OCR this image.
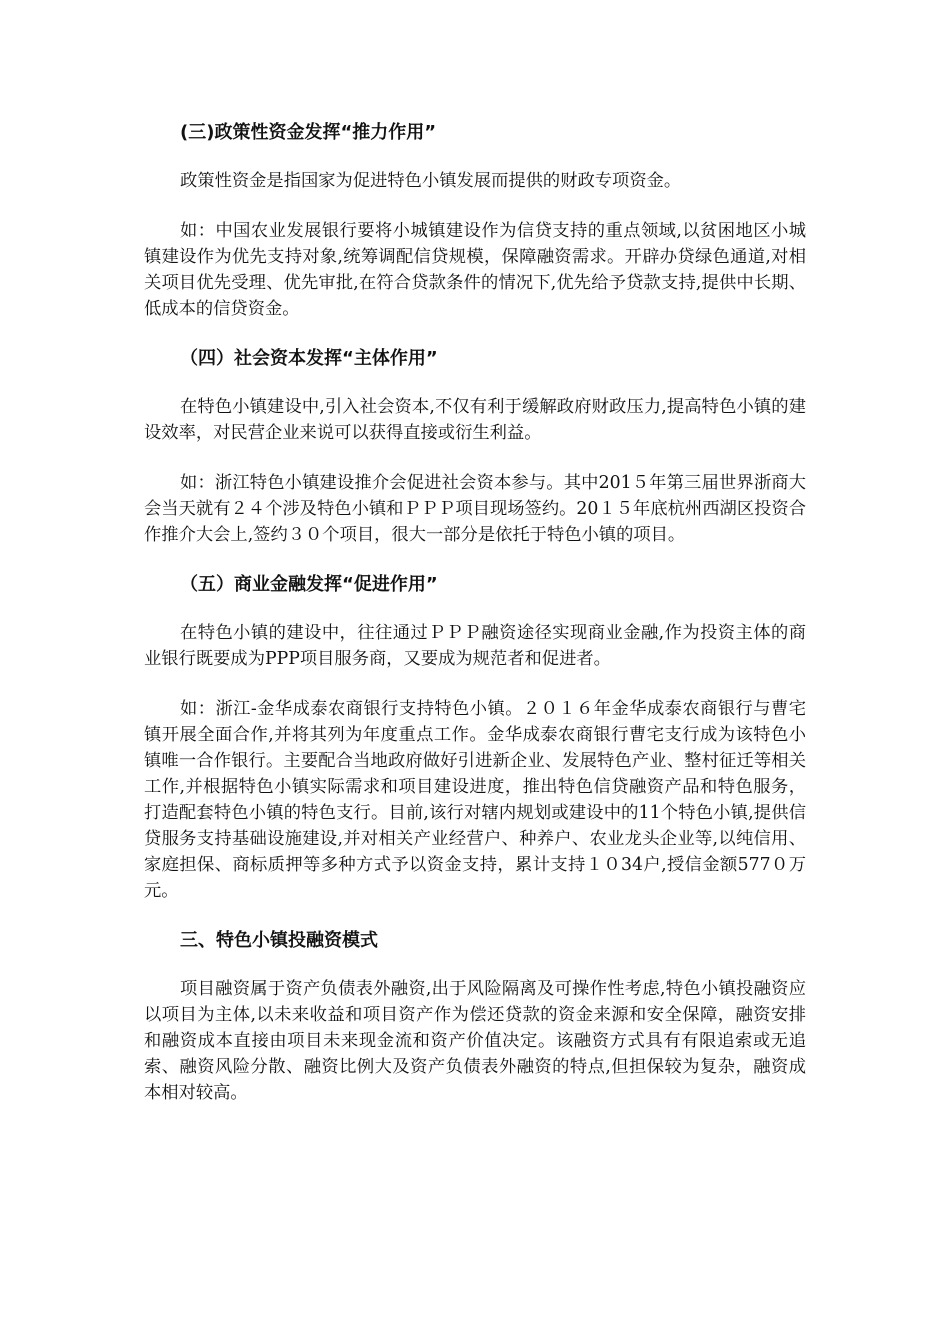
(三)政策性资金发挥“推力作用”

政策性资金是指国家为促进特色小镇发展而提供的财政专项资金。

如：中国农业发展银行要将小城镇建设作为信贷支持的重点领域,以贫困地区小城镇建设作为优先支持对象,统筹调配信贷规模，保障融资需求。开辟办贷绿色通道,对相关项目优先受理、优先审批,在符合贷款条件的情况下,优先给予贷款支持,提供中长期、低成本的信贷资金。

（四）社会资本发挥“主体作用”

在特色小镇建设中,引入社会资本,不仅有利于缓解政府财政压力,提高特色小镇的建设效率，对民营企业来说可以获得直接或衍生利益。

如：浙江特色小镇建设推介会促进社会资本参与。其中201５年第三届世界浙商大会当天就有２４个涉及特色小镇和ＰＰＰ项目现场签约。20１５年底杭州西湖区投资合作推介大会上,签约３０个项目，很大一部分是依托于特色小镇的项目。

（五）商业金融发挥“促进作用”

在特色小镇的建设中，往往通过ＰＰＰ融资途径实现商业金融,作为投资主体的商业银行既要成为PPP项目服务商，又要成为规范者和促进者。

如：浙江-金华成泰农商银行支持特色小镇。２０１６年金华成泰农商银行与曹宅镇开展全面合作,并将其列为年度重点工作。金华成泰农商银行曹宅支行成为该特色小镇唯一合作银行。主要配合当地政府做好引进新企业、发展特色产业、整村征迁等相关工作,并根据特色小镇实际需求和项目建设进度，推出特色信贷融资产品和特色服务，打造配套特色小镇的特色支行。目前,该行对辖内规划或建设中的11个特色小镇,提供信贷服务支持基础设施建设,并对相关产业经营户、种养户、农业龙头企业等,以纯信用、家庭担保、商标质押等多种方式予以资金支持，累计支持１０34户,授信金额577０万元。

三、特色小镇投融资模式

项目融资属于资产负债表外融资,出于风险隔离及可操作性考虑,特色小镇投融资应以项目为主体,以未来收益和项目资产作为偿还贷款的资金来源和安全保障，融资安排和融资成本直接由项目未来现金流和资产价值决定。该融资方式具有有限追索或无追索、融资风险分散、融资比例大及资产负债表外融资的特点,但担保较为复杂，融资成本相对较高。
